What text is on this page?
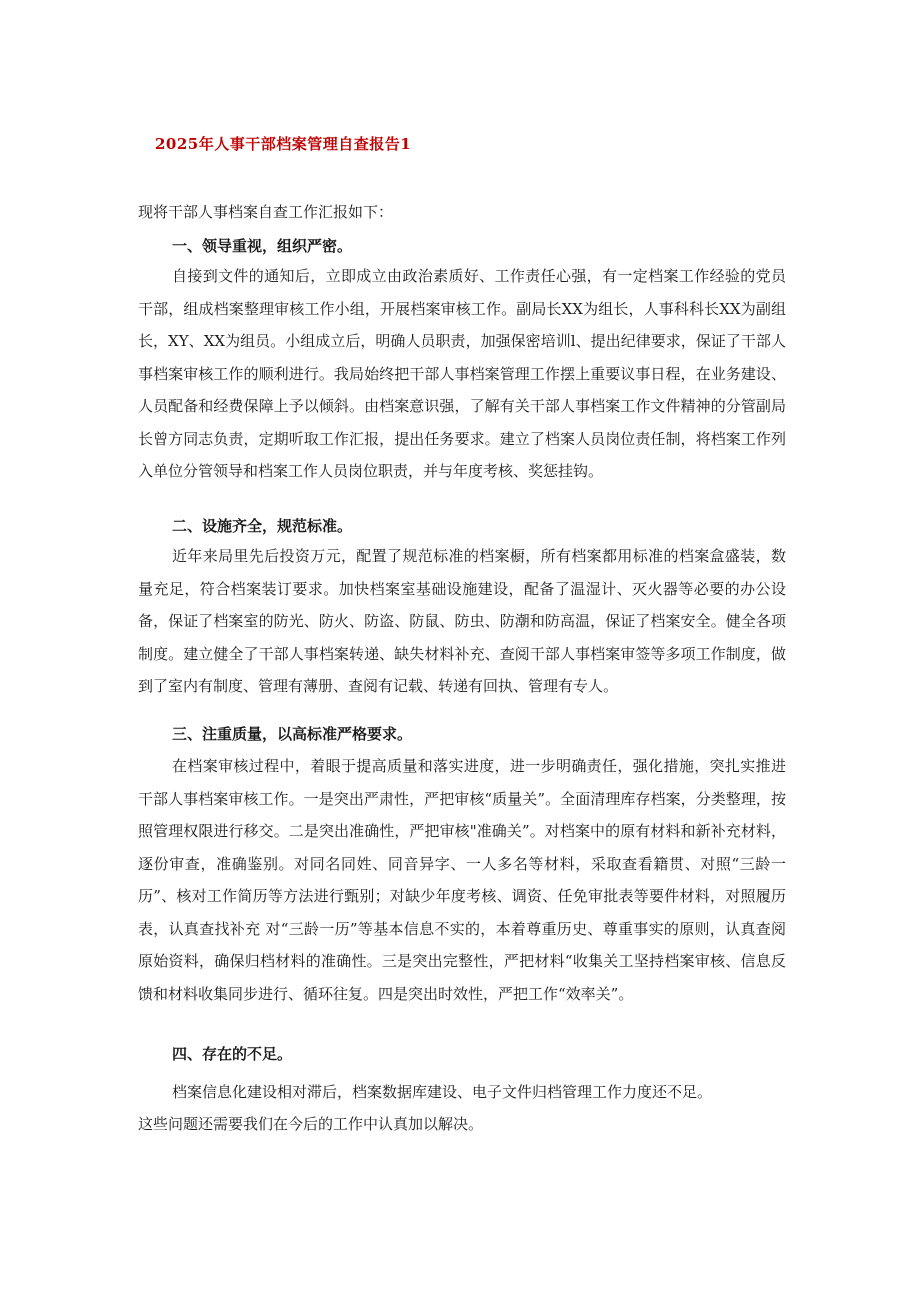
2025年人事干部档案管理自查报告1
现将干部人事档案自查工作汇报如下：
一、领导重视，组织严密。

自接到文件的通知后，立即成立由政治素质好、工作责任心强，有一定档案工作经验的党员干部，组成档案整理审核工作小组，开展档案审核工作。副局长XX为组长，人事科科长XX为副组长，XY、XX为组员。小组成立后，明确人员职责，加强保密培训l、提出纪律要求，保证了干部人事档案审核工作的顺利进行。我局始终把干部人事档案管理工作摆上重要议事日程，在业务建设、人员配备和经费保障上予以倾斜。由档案意识强，了解有关干部人事档案工作文件精神的分管副局长曾方同志负责，定期听取工作汇报，提出任务要求。建立了档案人员岗位责任制，将档案工作列入单位分管领导和档案工作人员岗位职责，并与年度考核、奖惩挂钩。

二、设施齐全，规范标准。

近年来局里先后投资万元，配置了规范标准的档案橱，所有档案都用标准的档案盒盛装，数量充足，符合档案装订要求。加快档案室基础设施建设，配备了温湿计、灭火器等必要的办公设备，保证了档案室的防光、防火、防盗、防鼠、防虫、防潮和防高温，保证了档案安全。健全各项制度。建立健全了干部人事档案转递、缺失材料补充、查阅干部人事档案审签等多项工作制度，做到了室内有制度、管理有薄册、查阅有记载、转递有回执、管理有专人。

三、注重质量，以高标准严格要求。

在档案审核过程中，着眼于提高质量和落实进度，进一步明确责任，强化措施，突扎实推进干部人事档案审核工作。一是突出严肃性，严把审核“质量关”。全面清理库存档案，分类整理，按照管理权限进行移交。二是突出准确性，严把审核"准确关”。对档案中的原有材料和新补充材料，逐份审查，准确鉴别。对同名同姓、同音异字、一人多名等材料，采取查看籍贯、对照“三龄一历”、核对工作简历等方法进行甄别；对缺少年度考核、调资、任免审批表等要件材料，对照履历表，认真查找补充 对“三龄一历”等基本信息不实的，本着尊重历史、尊重事实的原则，认真查阅原始资料，确保归档材料的准确性。三是突出完整性，严把材料“收集关工坚持档案审核、信息反馈和材料收集同步进行、循环往复。四是突出时效性，严把工作“效率关”。

四、存在的不足。
档案信息化建设相对滞后，档案数据库建设、电子文件归档管理工作力度还不足。
这些问题还需要我们在今后的工作中认真加以解决。
